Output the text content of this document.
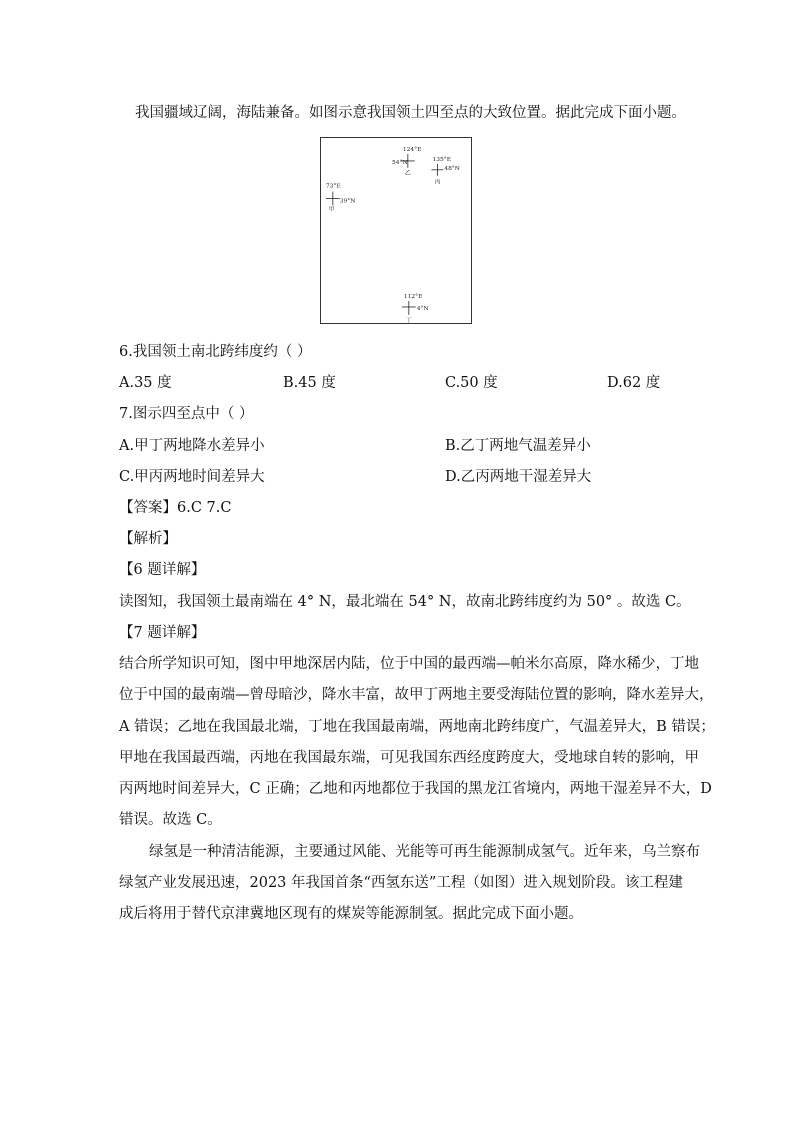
我国疆域辽阔，海陆兼备。如图示意我国领土四至点的大致位置。据此完成下面小题。
124°E
54°N
乙
135°E
48°N
丙
73°E
39°N
甲
112°E
4°N
丁
6.我国领土南北跨纬度约（ ）
A.35 度	B.45 度	C.50 度	D.62 度
7.图示四至点中（ ）
A.甲丁两地降水差异小	B.乙丁两地气温差异小
C.甲丙两地时间差异大	D.乙丙两地干湿差异大
【答案】6.C 7.C
【解析】
【6 题详解】
读图知，我国领土最南端在 4° N，最北端在 54° N，故南北跨纬度约为 50° 。故选 C。
【7 题详解】
结合所学知识可知，图中甲地深居内陆，位于中国的最西端—帕米尔高原，降水稀少，丁地
位于中国的最南端—曾母暗沙，降水丰富，故甲丁两地主要受海陆位置的影响，降水差异大，
A 错误；乙地在我国最北端，丁地在我国最南端，两地南北跨纬度广，气温差异大，B 错误；
甲地在我国最西端，丙地在我国最东端，可见我国东西经度跨度大，受地球自转的影响，甲
丙两地时间差异大，C 正确；乙地和丙地都位于我国的黑龙江省境内，两地干湿差异不大，D
错误。故选 C。
绿氢是一种清洁能源，主要通过风能、光能等可再生能源制成氢气。近年来，乌兰察布
绿氢产业发展迅速，2023 年我国首条“西氢东送”工程（如图）进入规划阶段。该工程建
成后将用于替代京津冀地区现有的煤炭等能源制氢。据此完成下面小题。
